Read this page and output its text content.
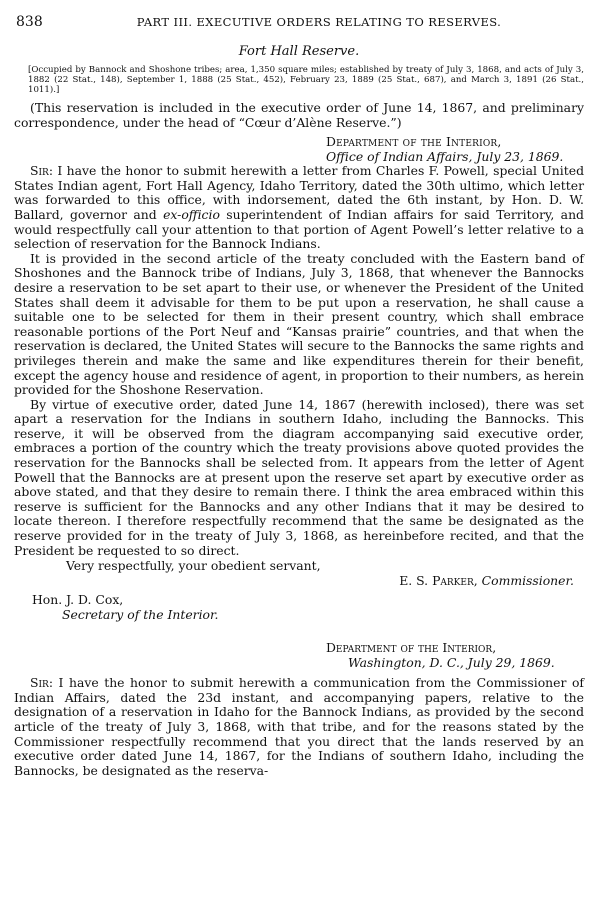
838	PART III. EXECUTIVE ORDERS RELATING TO RESERVES.
Fort Hall Reserve.
[Occupied by Bannock and Shoshone tribes; area, 1,350 square miles; established by treaty of July 3, 1868, and acts of July 3, 1882 (22 Stat., 148), September 1, 1888 (25 Stat., 452), February 23, 1889 (25 Stat., 687), and March 3, 1891 (26 Stat., 1011).]

(This reservation is included in the executive order of June 14, 1867, and preliminary correspondence, under the head of “Cœur d’Alène Reserve.”)

Department of the Interior,
Office of Indian Affairs, July 23, 1869.

Sir: I have the honor to submit herewith a letter from Charles F. Powell, special United States Indian agent, Fort Hall Agency, Idaho Territory, dated the 30th ultimo, which letter was forwarded to this office, with indorsement, dated the 6th instant, by Hon. D. W. Ballard, governor and ex-officio superintendent of Indian affairs for said Territory, and would respectfully call your attention to that portion of Agent Powell’s letter relative to a selection of reservation for the Bannock Indians.

It is provided in the second article of the treaty concluded with the Eastern band of Shoshones and the Bannock tribe of Indians, July 3, 1868, that whenever the Bannocks desire a reservation to be set apart to their use, or whenever the President of the United States shall deem it advisable for them to be put upon a reservation, he shall cause a suitable one to be selected for them in their present country, which shall embrace reasonable portions of the Port Neuf and “Kansas prairie” countries, and that when the reservation is declared, the United States will secure to the Bannocks the same rights and privileges therein and make the same and like expenditures therein for their benefit, except the agency house and residence of agent, in proportion to their numbers, as herein provided for the Shoshone Reservation.

By virtue of executive order, dated June 14, 1867 (herewith inclosed), there was set apart a reservation for the Indians in southern Idaho, including the Bannocks. This reserve, it will be observed from the diagram accompanying said executive order, embraces a portion of the country which the treaty provisions above quoted provides the reservation for the Bannocks shall be selected from. It appears from the letter of Agent Powell that the Bannocks are at present upon the reserve set apart by executive order as above stated, and that they desire to remain there. I think the area embraced within this reserve is sufficient for the Bannocks and any other Indians that it may be desired to locate thereon. I therefore respectfully recommend that the same be designated as the reserve provided for in the treaty of July 3, 1868, as hereinbefore recited, and that the President be requested to so direct.

Very respectfully, your obedient servant,
E. S. Parker, Commissioner.
Hon. J. D. Cox,
Secretary of the Interior.
Department of the Interior,
Washington, D. C., July 29, 1869.

Sir: I have the honor to submit herewith a communication from the Commissioner of Indian Affairs, dated the 23d instant, and accompanying papers, relative to the designation of a reservation in Idaho for the Bannock Indians, as provided by the second article of the treaty of July 3, 1868, with that tribe, and for the reasons stated by the Commissioner respectfully recommend that you direct that the lands reserved by an executive order dated June 14, 1867, for the Indians of southern Idaho, including the Bannocks, be designated as the reserva-
